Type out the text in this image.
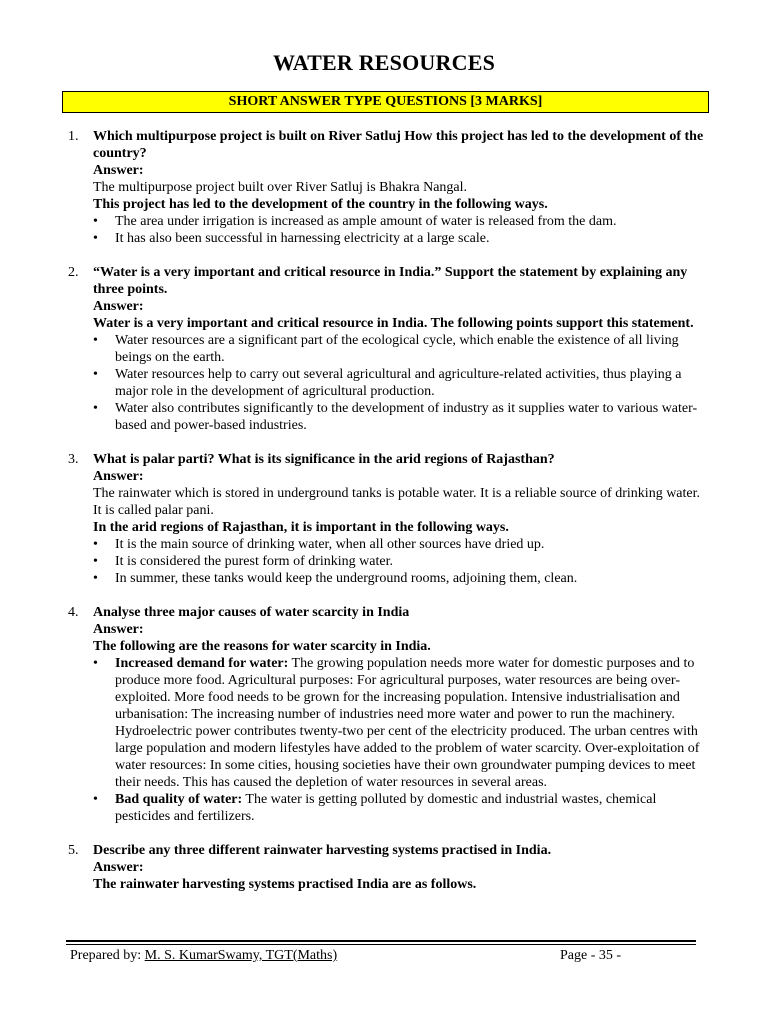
WATER RESOURCES
SHORT ANSWER TYPE QUESTIONS [3 MARKS]
1. Which multipurpose project is built on River Satluj How this project has led to the development of the country?
Answer:
The multipurpose project built over River Satluj is Bhakra Nangal.
This project has led to the development of the country in the following ways.
• The area under irrigation is increased as ample amount of water is released from the dam.
• It has also been successful in harnessing electricity at a large scale.
2. “Water is a very important and critical resource in India.” Support the statement by explaining any three points.
Answer:
Water is a very important and critical resource in India. The following points support this statement.
• Water resources are a significant part of the ecological cycle, which enable the existence of all living beings on the earth.
• Water resources help to carry out several agricultural and agriculture-related activities, thus playing a major role in the development of agricultural production.
• Water also contributes significantly to the development of industry as it supplies water to various water-based and power-based industries.
3. What is palar parti? What is its significance in the arid regions of Rajasthan?
Answer:
The rainwater which is stored in underground tanks is potable water. It is a reliable source of drinking water. It is called palar pani.
In the arid regions of Rajasthan, it is important in the following ways.
• It is the main source of drinking water, when all other sources have dried up.
• It is considered the purest form of drinking water.
• In summer, these tanks would keep the underground rooms, adjoining them, clean.
4. Analyse three major causes of water scarcity in India
Answer:
The following are the reasons for water scarcity in India.
• Increased demand for water: The growing population needs more water for domestic purposes and to produce more food. Agricultural purposes: For agricultural purposes, water resources are being over-exploited. More food needs to be grown for the increasing population. Intensive industrialisation and urbanisation: The increasing number of industries need more water and power to run the machinery. Hydroelectric power contributes twenty-two per cent of the electricity produced. The urban centres with large population and modern lifestyles have added to the problem of water scarcity. Over-exploitation of water resources: In some cities, housing societies have their own groundwater pumping devices to meet their needs. This has caused the depletion of water resources in several areas.
• Bad quality of water: The water is getting polluted by domestic and industrial wastes, chemical pesticides and fertilizers.
5. Describe any three different rainwater harvesting systems practised in India.
Answer:
The rainwater harvesting systems practised India are as follows.
Prepared by: M. S. KumarSwamy, TGT(Maths)	Page - 35 -
